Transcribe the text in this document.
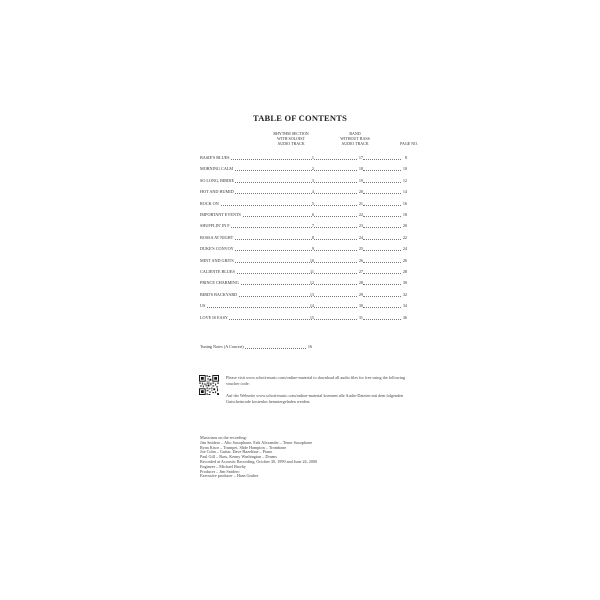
TABLE OF CONTENTS
RHYTHM SECTION
WITH SOLOIST
AUDIO TRACK
BAND
WITHOUT BASS
AUDIO TRACK	PAGE NO.
BASIE'S BLUES	1	17	8
MORNING CALM	2	18	10
SO LONG, BIRDIE	3	19	12
HOT AND HUMID	4	20	14
ROCK ON	5	21	16
IMPORTANT EVENTS	6	22	18
SHUFFLIN' IN F	7	23	20
BOSSA AT NIGHT	8	24	22
DUKE'S CONVOY	9	25	24
MINT AND GRITS	10	26	26
CALIENTE BLUES	11	27	28
PRINCE CHARMING	12	28	30
BIRD'S BACKYARD	13	29	32
US	14	30	34
LOVE IS EASY	15	31	36
Tuning Notes (A Concert)	16

Please visit www.schott-music.com/online-material to download all audio files for free using the following voucher code:

Auf der Webseite www.schott-music.com/online-material koennen alle Audio-Dateien mit dem folgenden Gutscheincode kostenlos heruntergeladen werden:

Musicians on the recording:
Jim Snidero – Alto Saxophone, Erik Alexander – Tenor Saxophone
Ryan Kisor – Trumpet, Slide Hampton – Trombone
Joe Cohn – Guitar, Dave Hazeltine – Piano
Paul Gill – Bass, Kenny Washington – Drums
Recorded at Acoustic Recording, October 30, 1999 and June 24, 2000
Engineer – Michael Brorby
Producer – Jim Snidero
Executive producer – Hans Gruber
